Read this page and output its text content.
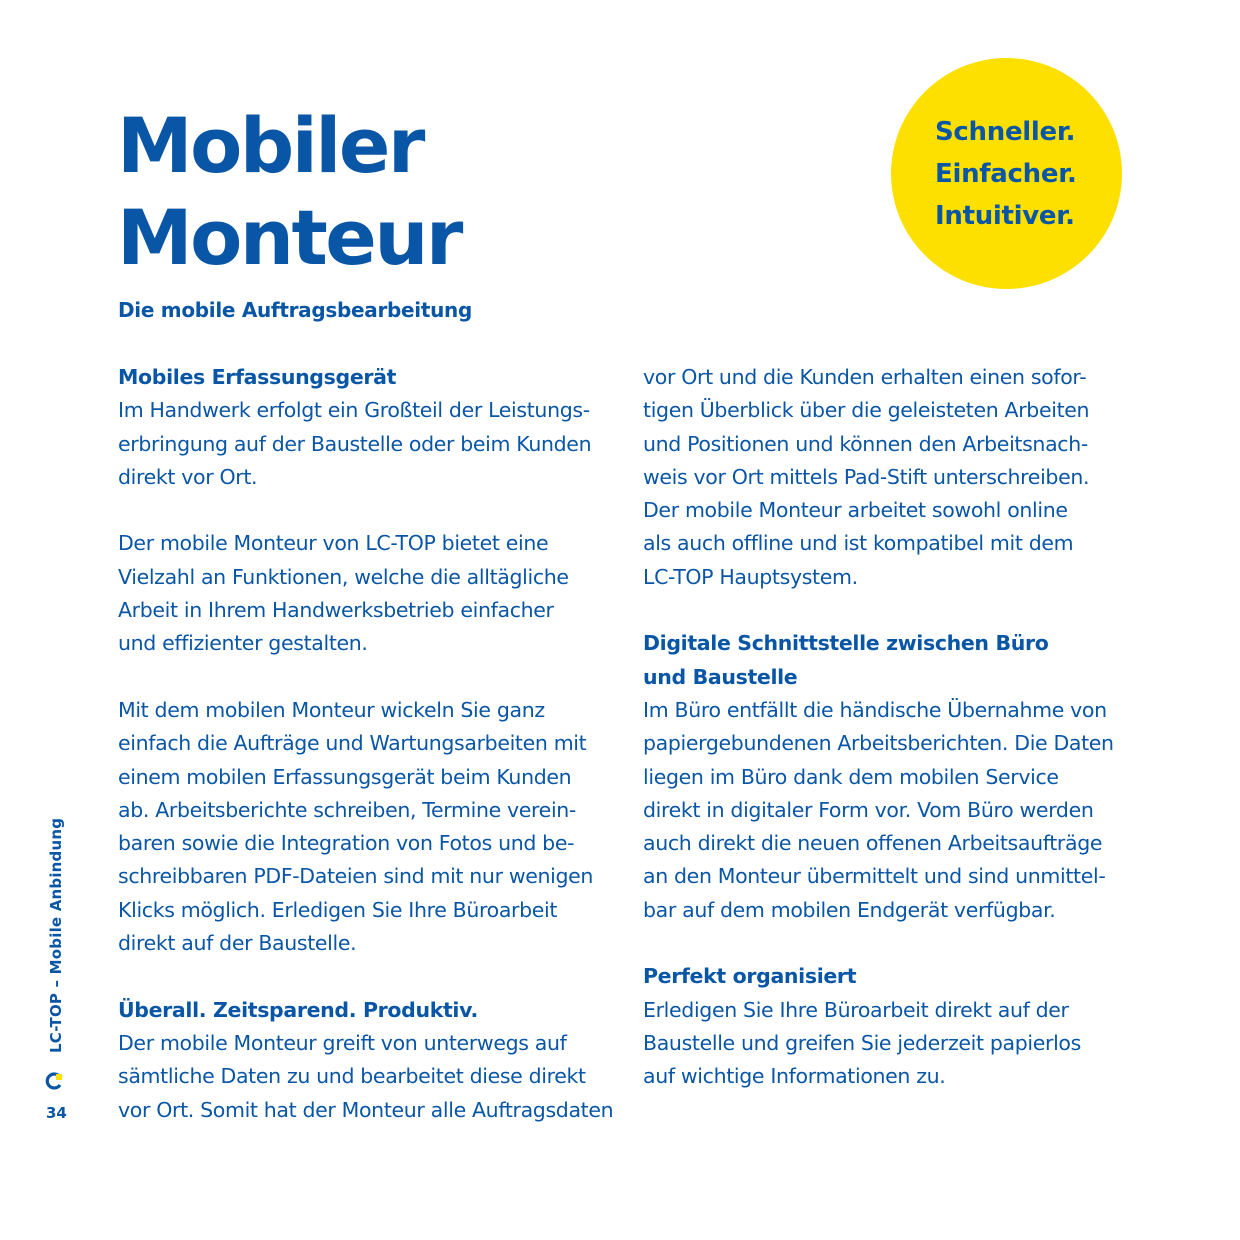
Mobiler
Monteur

Die mobile Auftragsbearbeitung

Schneller.
Einfacher.
Intuitiver.
Mobiles Erfassungsgerät

Im Handwerk erfolgt ein Großteil der Leistungs-
erbringung auf der Baustelle oder beim Kunden
direkt vor Ort.

Der mobile Monteur von LC-TOP bietet eine
Vielzahl an Funktionen, welche die alltägliche
Arbeit in Ihrem Handwerksbetrieb einfacher
und effizienter gestalten.

Mit dem mobilen Monteur wickeln Sie ganz
einfach die Aufträge und Wartungsarbeiten mit
einem mobilen Erfassungsgerät beim Kunden
ab. Arbeitsberichte schreiben, Termine verein-
baren sowie die Integration von Fotos und be-
schreibbaren PDF-Dateien sind mit nur wenigen
Klicks möglich. Erledigen Sie Ihre Büroarbeit
direkt auf der Baustelle.

Überall. Zeitsparend. Produktiv.

Der mobile Monteur greift von unterwegs auf
sämtliche Daten zu und bearbeitet diese direkt
vor Ort. Somit hat der Monteur alle Auftragsdaten

vor Ort und die Kunden erhalten einen sofor-
tigen Überblick über die geleisteten Arbeiten
und Positionen und können den Arbeitsnach-
weis vor Ort mittels Pad-Stift unterschreiben.
Der mobile Monteur arbeitet sowohl online
als auch offline und ist kompatibel mit dem
LC-TOP Hauptsystem.

Digitale Schnittstelle zwischen Büro
und Baustelle

Im Büro entfällt die händische Übernahme von
papiergebundenen Arbeitsberichten. Die Daten
liegen im Büro dank dem mobilen Service
direkt in digitaler Form vor. Vom Büro werden
auch direkt die neuen offenen Arbeitsaufträge
an den Monteur übermittelt und sind unmittel-
bar auf dem mobilen Endgerät verfügbar.

Perfekt organisiert

Erledigen Sie Ihre Büroarbeit direkt auf der
Baustelle und greifen Sie jederzeit papierlos
auf wichtige Informationen zu.

LC-TOP – Mobile Anbindung
34
